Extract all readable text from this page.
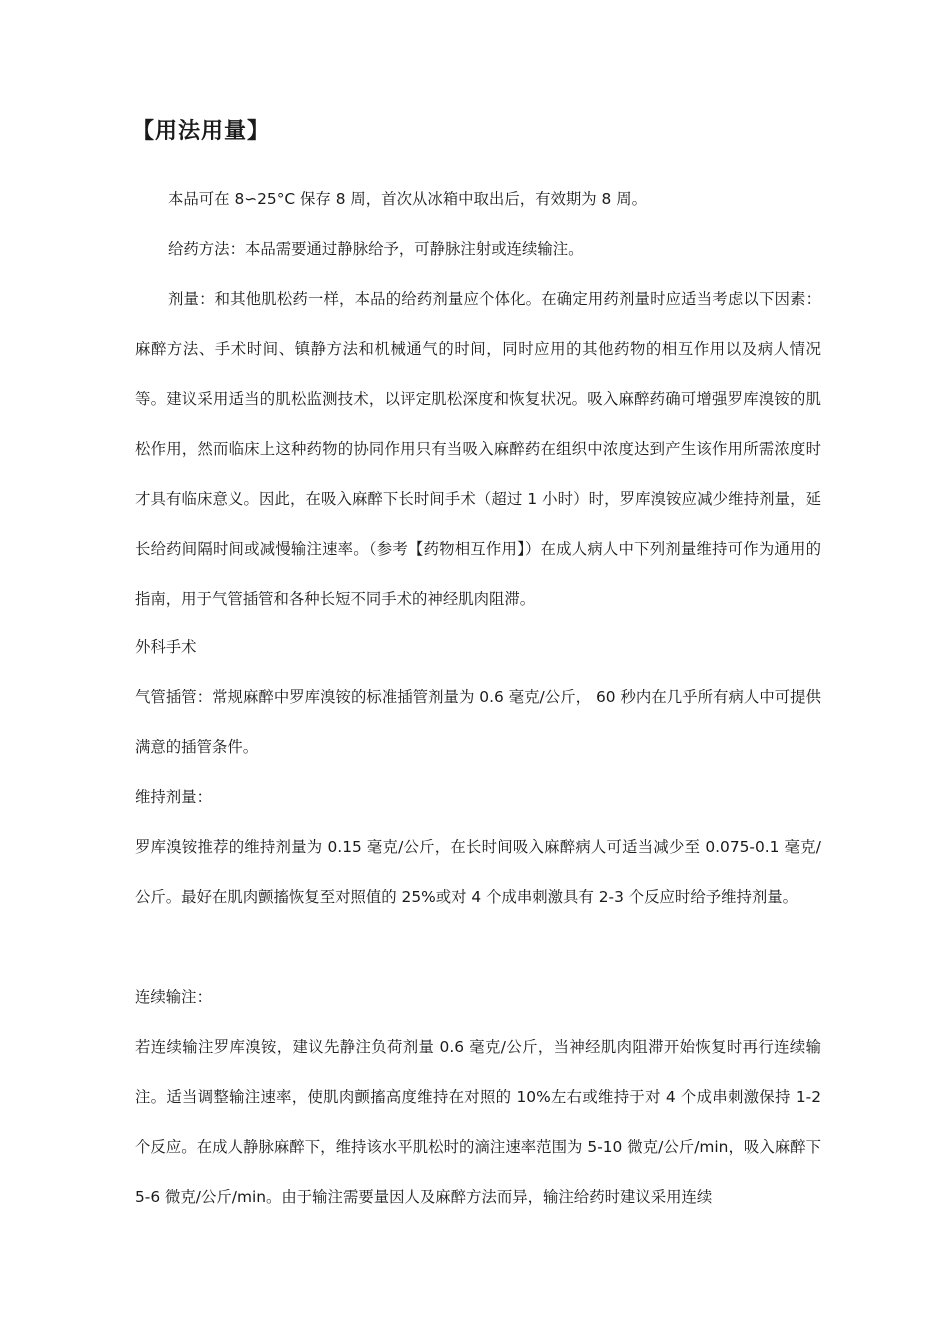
【用法用量】

本品可在 8∽25°C 保存 8 周，首次从冰箱中取出后，有效期为 8 周。

给药方法：本品需要通过静脉给予，可静脉注射或连续输注。

剂量：和其他肌松药一样，本品的给药剂量应个体化。在确定用药剂量时应适当考虑以下因素：麻醉方法、手术时间、镇静方法和机械通气的时间，同时应用的其他药物的相互作用以及病人情况等。建议采用适当的肌松监测技术，以评定肌松深度和恢复状况。吸入麻醉药确可增强罗库溴铵的肌松作用，然而临床上这种药物的协同作用只有当吸入麻醉药在组织中浓度达到产生该作用所需浓度时才具有临床意义。因此，在吸入麻醉下长时间手术（超过 1 小时）时，罗库溴铵应减少维持剂量，延长给药间隔时间或减慢输注速率。（参考【药物相互作用】）在成人病人中下列剂量维持可作为通用的指南，用于气管插管和各种长短不同手术的神经肌肉阻滞。

外科手术

气管插管：常规麻醉中罗库溴铵的标准插管剂量为 0.6 毫克/公斤， 60 秒内在几乎所有病人中可提供满意的插管条件。

维持剂量：

罗库溴铵推荐的维持剂量为 0.15 毫克/公斤，在长时间吸入麻醉病人可适当减少至 0.075-0.1 毫克/公斤。最好在肌肉颤搐恢复至对照值的 25%或对 4 个成串刺激具有 2-3 个反应时给予维持剂量。

连续输注：

若连续输注罗库溴铵，建议先静注负荷剂量 0.6 毫克/公斤，当神经肌肉阻滞开始恢复时再行连续输注。适当调整输注速率，使肌肉颤搐高度维持在对照的 10%左右或维持于对 4 个成串刺激保持 1-2 个反应。在成人静脉麻醉下，维持该水平肌松时的滴注速率范围为 5-10 微克/公斤/min，吸入麻醉下 5-6 微克/公斤/min。由于输注需要量因人及麻醉方法而异，输注给药时建议采用连续
